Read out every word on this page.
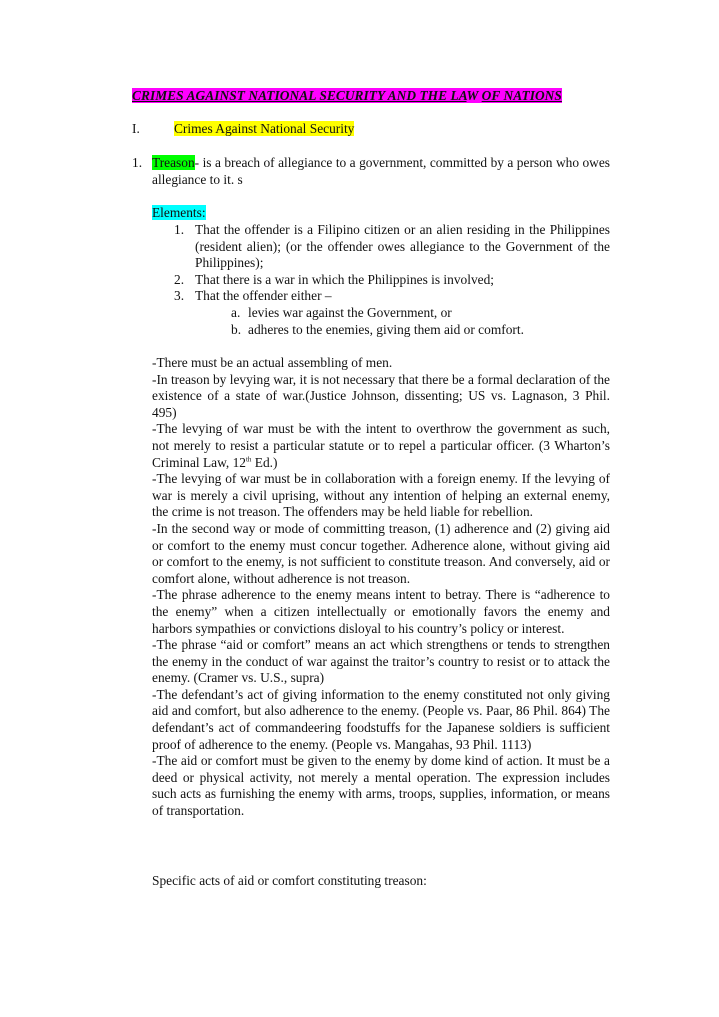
CRIMES AGAINST NATIONAL SECURITY AND THE LAW OF NATIONS
I.	Crimes Against National Security
1. Treason- is a breach of allegiance to a government, committed by a person who owes allegiance to it. s
Elements:
1. That the offender is a Filipino citizen or an alien residing in the Philippines (resident alien); (or the offender owes allegiance to the Government of the Philippines);
2. That there is a war in which the Philippines is involved;
3. That the offender either –
a. levies war against the Government, or
b. adheres to the enemies, giving them aid or comfort.

-There must be an actual assembling of men.

-In treason by levying war, it is not necessary that there be a formal declaration of the existence of a state of war.(Justice Johnson, dissenting; US vs. Lagnason, 3 Phil. 495)

-The levying of war must be with the intent to overthrow the government as such, not merely to resist a particular statute or to repel a particular officer. (3 Wharton’s Criminal Law, 12th Ed.)

-The levying of war must be in collaboration with a foreign enemy. If the levying of war is merely a civil uprising, without any intention of helping an external enemy, the crime is not treason. The offenders may be held liable for rebellion.

-In the second way or mode of committing treason, (1) adherence and (2) giving aid or comfort to the enemy must concur together. Adherence alone, without giving aid or comfort to the enemy, is not sufficient to constitute treason. And conversely, aid or comfort alone, without adherence is not treason.

-The phrase adherence to the enemy means intent to betray. There is “adherence to the enemy” when a citizen intellectually or emotionally favors the enemy and harbors sympathies or convictions disloyal to his country’s policy or interest.

-The phrase “aid or comfort” means an act which strengthens or tends to strengthen the enemy in the conduct of war against the traitor’s country to resist or to attack the enemy. (Cramer vs. U.S., supra)

-The defendant’s act of giving information to the enemy constituted not only giving aid and comfort, but also adherence to the enemy. (People vs. Paar, 86 Phil. 864) The defendant’s act of commandeering foodstuffs for the Japanese soldiers is sufficient proof of adherence to the enemy. (People vs. Mangahas, 93 Phil. 1113)

-The aid or comfort must be given to the enemy by dome kind of action. It must be a deed or physical activity, not merely a mental operation. The expression includes such acts as furnishing the enemy with arms, troops, supplies, information, or means of transportation.

Specific acts of aid or comfort constituting treason:
